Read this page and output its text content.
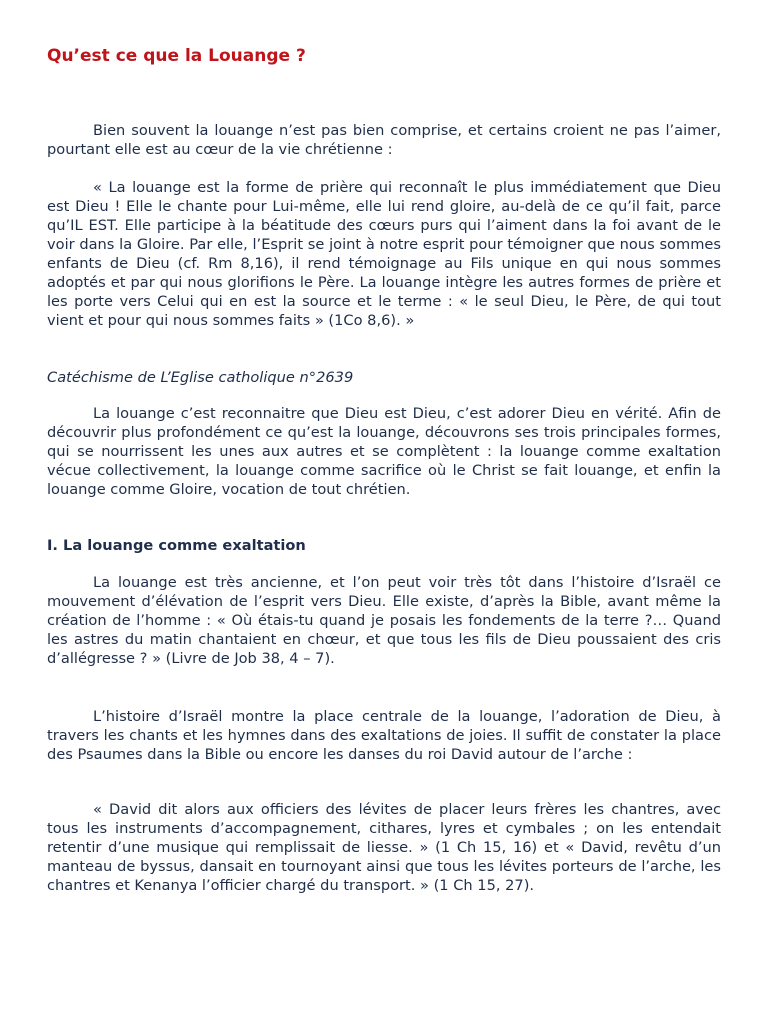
Qu’est ce que la Louange ?

Bien souvent la louange n’est pas bien comprise, et certains croient ne pas l’aimer, pourtant elle est au cœur de la vie chrétienne :

« La louange est la forme de prière qui reconnaît le plus immédiatement que Dieu est Dieu ! Elle le chante pour Lui-même, elle lui rend gloire, au-delà de ce qu’il fait, parce qu’IL EST. Elle participe à la béatitude des cœurs purs qui l’aiment dans la foi avant de le voir dans la Gloire. Par elle, l’Esprit se joint à notre esprit pour témoigner que nous sommes enfants de Dieu (cf. Rm 8,16), il rend témoignage au Fils unique en qui nous sommes adoptés et par qui nous glorifions le Père. La louange intègre les autres formes de prière et les porte vers Celui qui en est la source et le terme : « le seul Dieu, le Père, de qui tout vient et pour qui nous sommes faits » (1Co 8,6). »

Catéchisme de L’Eglise catholique n°2639

La louange c’est reconnaitre que Dieu est Dieu, c’est adorer Dieu en vérité. Afin de découvrir plus profondément ce qu’est la louange, découvrons ses trois principales formes, qui se nourrissent les unes aux autres et se complètent : la louange comme exaltation vécue collectivement, la louange comme sacrifice où le Christ se fait louange, et enfin la louange comme Gloire, vocation de tout chrétien.

I. La louange comme exaltation

La louange est très ancienne, et l’on peut voir très tôt dans l’histoire d’Israël ce mouvement d’élévation de l’esprit vers Dieu. Elle existe, d’après la Bible, avant même la création de l’homme : « Où étais-tu quand je posais les fondements de la terre ?… Quand les astres du matin chantaient en chœur, et que tous les fils de Dieu poussaient des cris d’allégresse ? » (Livre de Job 38, 4 – 7).

L’histoire d’Israël montre la place centrale de la louange, l’adoration de Dieu, à travers les chants et les hymnes dans des exaltations de joies. Il suffit de constater la place des Psaumes dans la Bible ou encore les danses du roi David autour de l’arche :

« David dit alors aux officiers des lévites de placer leurs frères les chantres, avec tous les instruments d’accompagnement, cithares, lyres et cymbales ; on les entendait retentir d’une musique qui remplissait de liesse. » (1 Ch 15, 16) et « David, revêtu d’un manteau de byssus, dansait en tournoyant ainsi que tous les lévites porteurs de l’arche, les chantres et Kenanya l’officier chargé du transport. » (1 Ch 15, 27).
